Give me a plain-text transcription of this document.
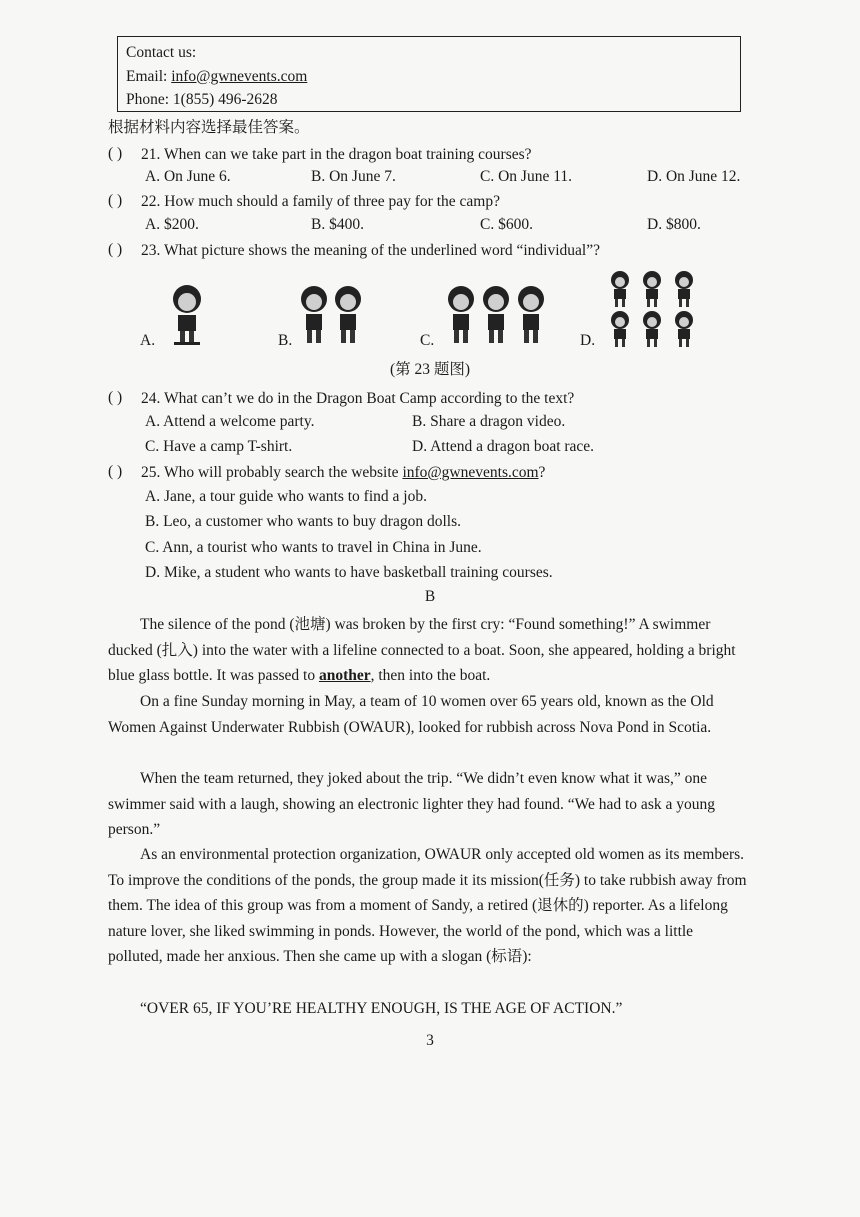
Contact us:
Email: info@gwnevents.com
Phone: 1(855) 496-2628
根据材料内容选择最佳答案。
( ) 21. When can we take part in the dragon boat training courses?
A. On June 6.	B. On June 7.	C. On June 11.	D. On June 12.
( ) 22. How much should a family of three pay for the camp?
A. $200.	B. $400.	C. $600.	D. $800.
( ) 23. What picture shows the meaning of the underlined word “individual”?
A.	B.	C.	D.
(第 23 题图)
( ) 24. What can’t we do in the Dragon Boat Camp according to the text?
A. Attend a welcome party.	B. Share a dragon video.
C. Have a camp T-shirt.	D. Attend a dragon boat race.
( ) 25. Who will probably search the website info@gwnevents.com?
A. Jane, a tour guide who wants to find a job.
B. Leo, a customer who wants to buy dragon dolls.
C. Ann, a tourist who wants to travel in China in June.
D. Mike, a student who wants to have basketball training courses.
B
The silence of the pond (池塘) was broken by the first cry: “Found something!” A swimmer ducked (扎入) into the water with a lifeline connected to a boat. Soon, she appeared, holding a bright blue glass bottle. It was passed to another, then into the boat.
On a fine Sunday morning in May, a team of 10 women over 65 years old, known as the Old Women Against Underwater Rubbish (OWAUR), looked for rubbish across Nova Pond in Scotia.
When the team returned, they joked about the trip. “We didn’t even know what it was,” one swimmer said with a laugh, showing an electronic lighter they had found. “We had to ask a young person.”
As an environmental protection organization, OWAUR only accepted old women as its members. To improve the conditions of the ponds, the group made it its mission(任务) to take rubbish away from them. The idea of this group was from a moment of Sandy, a retired (退休的) reporter. As a lifelong nature lover, she liked swimming in ponds. However, the world of the pond, which was a little polluted, made her anxious. Then she came up with a slogan (标语):
“OVER 65, IF YOU’RE HEALTHY ENOUGH, IS THE AGE OF ACTION.”
3
